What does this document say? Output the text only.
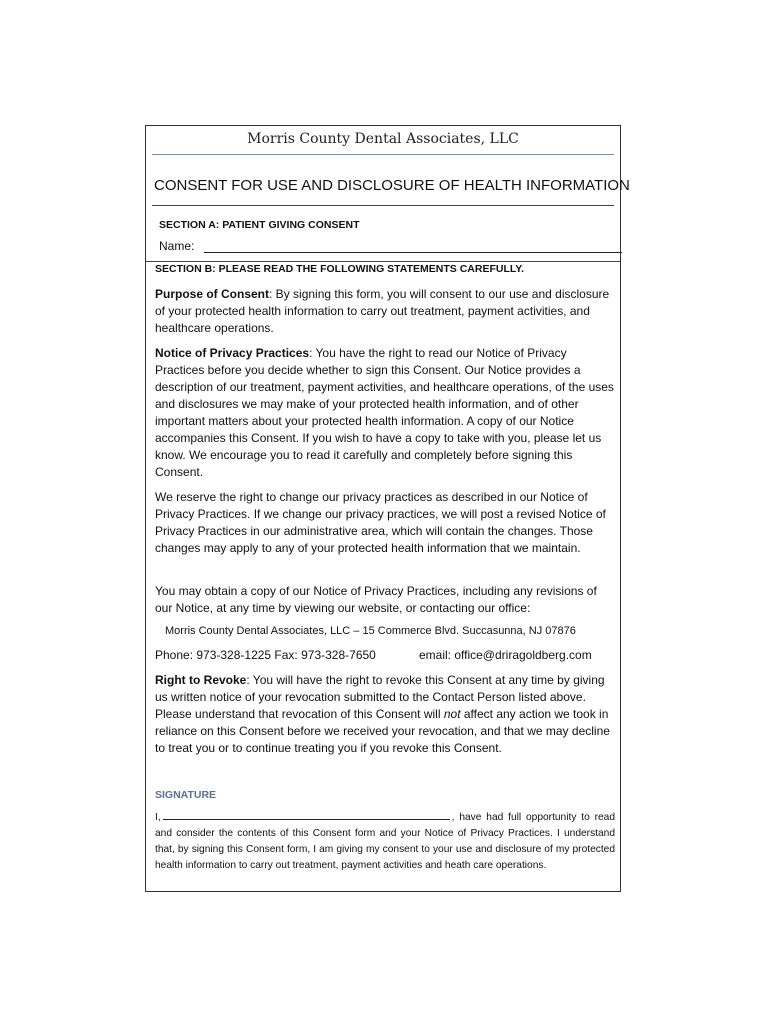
Morris County Dental Associates, LLC
CONSENT FOR USE AND DISCLOSURE OF HEALTH INFORMATION
SECTION A: PATIENT GIVING CONSENT
Name:
SECTION B: PLEASE READ THE FOLLOWING STATEMENTS CAREFULLY.
Purpose of Consent: By signing this form, you will consent to our use and disclosure of your protected health information to carry out treatment, payment activities, and healthcare operations.
Notice of Privacy Practices: You have the right to read our Notice of Privacy Practices before you decide whether to sign this Consent. Our Notice provides a description of our treatment, payment activities, and healthcare operations, of the uses and disclosures we may make of your protected health information, and of other important matters about your protected health information. A copy of our Notice accompanies this Consent. If you wish to have a copy to take with you, please let us know. We encourage you to read it carefully and completely before signing this Consent.
We reserve the right to change our privacy practices as described in our Notice of Privacy Practices. If we change our privacy practices, we will post a revised Notice of Privacy Practices in our administrative area, which will contain the changes. Those changes may apply to any of your protected health information that we maintain.
You may obtain a copy of our Notice of Privacy Practices, including any revisions of our Notice, at any time by viewing our website, or contacting our office:
Morris County Dental Associates, LLC – 15 Commerce Blvd. Succasunna, NJ 07876
Phone: 973-328-1225 Fax: 973-328-7650	email: office@driragoldberg.com
Right to Revoke: You will have the right to revoke this Consent at any time by giving us written notice of your revocation submitted to the Contact Person listed above. Please understand that revocation of this Consent will not affect any action we took in reliance on this Consent before we received your revocation, and that we may decline to treat you or to continue treating you if you revoke this Consent.
SIGNATURE
I,	, have had full opportunity to read and consider the contents of this Consent form and your Notice of Privacy Practices. I understand that, by signing this Consent form, I am giving my consent to your use and disclosure of my protected health information to carry out treatment, payment activities and heath care operations.
